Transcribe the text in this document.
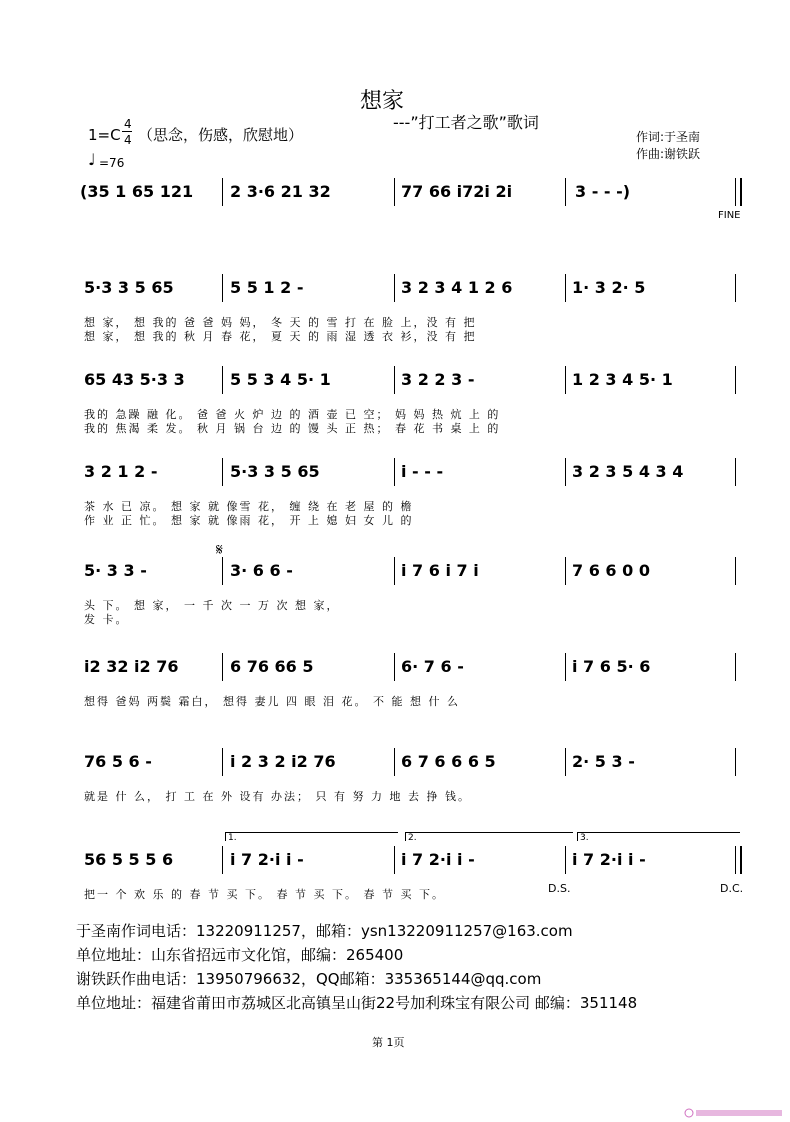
想家
---”打工者之歌”歌词
1=C
4
4 （思念，伤感，欣慰地）
♩ =76
作词:于圣南
作曲:谢铁跃
(35 1 65 121 2 3·6 21 32	77 66 i72i 2i	3 - - -)
FINE
5·3 3 5 65	5 5 1 2 -	3 2 3 4 1 2 6	1· 3 2· 5
想 家， 想 我的 爸 爸 妈 妈， 冬 天 的 雪 打 在 脸 上，没 有 把
想 家， 想 我的 秋 月 春 花， 夏 天 的 雨 湿 透 衣 衫，没 有 把
65 43 5·3 3	5 5 3 4 5· 1	3 2 2 3 -	1 2 3 4 5· 1
我的 急躁 融 化。 爸 爸 火 炉 边 的 酒 壶 已 空； 妈 妈 热 炕 上 的
我的 焦渴 柔 发。 秋 月 锅 台 边 的 馒 头 正 热； 春 花 书 桌 上 的
3 2 1 2 -	5·3 3 5 65	i - - -	3 2 3 5 4 3 4
茶 水 已 凉。 想 家 就 像雪 花， 缠 绕 在 老 屋 的 檐
作 业 正 忙。 想 家 就 像雨 花， 开 上 媳 妇 女 儿 的
5· 3 3 -	3· 6 6 -	i 7 6 i 7 i	7 6 6 0 0
头 下。 想 家， 一 千 次 一 万 次 想 家，
发 卡。
i2 32 i2 76	6 76 66 5	6· 7 6 -	i 7 6 5· 6
想得 爸妈 两鬓 霜白， 想得 妻儿 四 眼 泪 花。 不 能 想 什 么
76 5 6 -	i 2 3 2 i2 76	6 7 6 6 6 5	2· 5 3 -
就是 什 么， 打 工 在 外 设有 办法； 只 有 努 力 地 去 挣 钱。
56 5 5 5 6	i 7 2·i i -	i 7 2·i i -	i 7 2·i i -
把一 个 欢 乐 的 春 节 买 下。 春 节 买 下。 春 节 买 下。
1.	2.	3.
D.S.	D.C.
𝄋
于圣南作词电话：13220911257，邮箱：ysn13220911257@163.com
单位地址：山东省招远市文化馆，邮编：265400
谢铁跃作曲电话：13950796632，QQ邮箱：335365144@qq.com
单位地址：福建省莆田市荔城区北高镇呈山街22号加利珠宝有限公司 邮编：351148
第 1页
